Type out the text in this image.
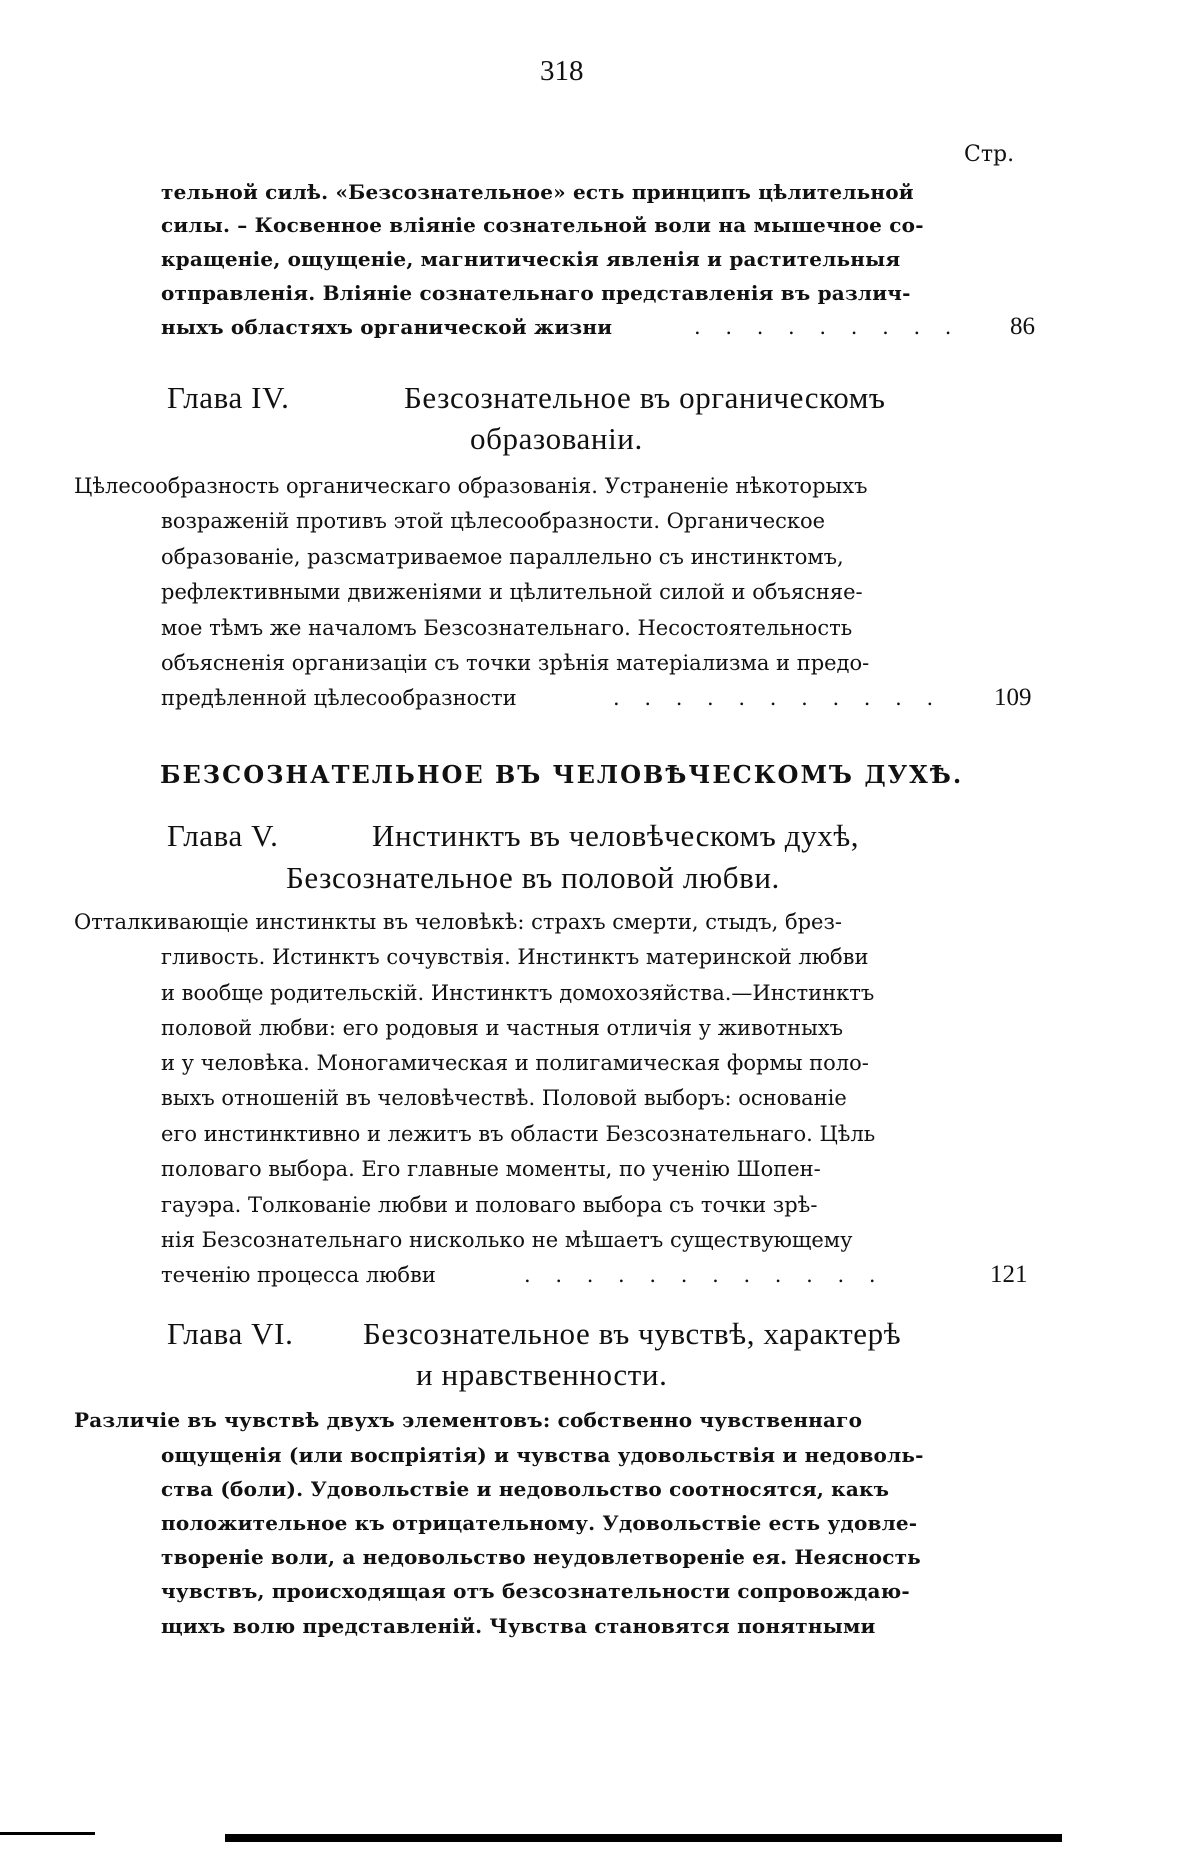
318
Стр.
тельной силѣ. «Безсознательное» есть принципъ цѣлительной
силы. – Косвенное вліяніе сознательной воли на мышечное со-
кращеніе, ощущеніе, магнитическія явленія и растительныя
отправленія. Вліяніе сознательнаго представленія въ различ-
ныхъ областяхъ органической жизни	. . . . . . . . . 86
Глава IV.	Безсознательное въ органическомъ
образованіи.
Цѣлесообразность органическаго образованія. Устраненіе нѣкоторыхъ
возраженій противъ этой цѣлесообразности. Органическое
образованіе, разсматриваемое параллельно съ инстинктомъ,
рефлективными движеніями и цѣлительной силой и объясняе-
мое тѣмъ же началомъ Безсознательнаго. Несостоятельность
объясненія организаціи съ точки зрѣнія матеріализма и предо-
предѣленной цѣлесообразности	. . . . . . . . . . . 109
БЕЗСОЗНАТЕЛЬНОЕ ВЪ ЧЕЛОВѢЧЕСКОМЪ ДУХѢ.
Глава V.	Инстинктъ въ человѣческомъ духѣ,
Безсознательное въ половой любви.
Отталкивающіе инстинкты въ человѣкѣ: страхъ смерти, стыдъ, брез-
гливость. Истинктъ сочувствія. Инстинктъ материнской любви
и вообще родительскій. Инстинктъ домохозяйства.—Инстинктъ
половой любви: его родовыя и частныя отличія у животныхъ
и у человѣка. Моногамическая и полигамическая формы поло-
выхъ отношеній въ человѣчествѣ. Половой выборъ: основаніе
его инстинктивно и лежитъ въ области Безсознательнаго. Цѣль
половаго выбора. Его главные моменты, по ученію Шопен-
гауэра. Толкованіе любви и половаго выбора съ точки зрѣ-
нія Безсознательнаго нисколько не мѣшаетъ существующему
теченію процесса любви	. . . . . . . . . . . .	121
Глава VI. Безсознательное въ чувствѣ, характерѣ
и нравственности.
Различіе въ чувствѣ двухъ элементовъ: собственно чувственнаго
ощущенія (или воспріятія) и чувства удовольствія и недоволь-
ства (боли). Удовольствіе и недовольство соотносятся, какъ
положительное къ отрицательному. Удовольствіе есть удовле-
твореніе воли, а недовольство неудовлетвореніе ея. Неясность
чувствъ, происходящая отъ безсознательности сопровождаю-
щихъ волю представленій. Чувства становятся понятными
